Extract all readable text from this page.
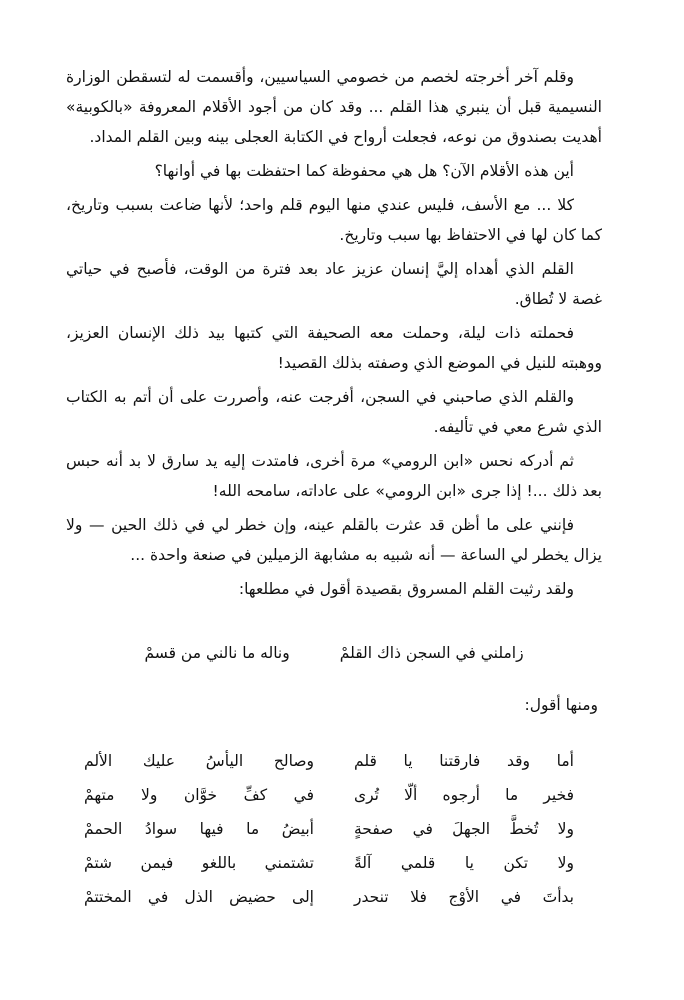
وقلم آخر أخرجته لخصم من خصومي السياسيين، وأقسمت له لتسقطن الوزارة النسيمية قبل أن ينبري هذا القلم ... وقد كان من أجود الأقلام المعروفة «بالكوبية» أهديت بصندوق من نوعه، فجعلت أرواح في الكتابة العجلى بينه وبين القلم المداد.

أين هذه الأقلام الآن؟ هل هي محفوظة كما احتفظت بها في أوانها؟

كلا ... مع الأسف، فليس عندي منها اليوم قلم واحد؛ لأنها ضاعت بسبب وتاريخ، كما كان لها في الاحتفاظ بها سبب وتاريخ.

القلم الذي أهداه إليَّ إنسان عزيز عاد بعد فترة من الوقت، فأصبح في حياتي غصة لا تُطاق.

فحملته ذات ليلة، وحملت معه الصحيفة التي كتبها بيد ذلك الإنسان العزيز، ووهبته للنيل في الموضع الذي وصفته بذلك القصيد!

والقلم الذي صاحبني في السجن، أفرجت عنه، وأصررت على أن أتم به الكتاب الذي شرع معي في تأليفه.

ثم أدركه نحس «ابن الرومي» مرة أخرى، فامتدت إليه يد سارق لا بد أنه حبس بعد ذلك ...! إذا جرى «ابن الرومي» على عاداته، سامحه الله!

فإنني على ما أظن قد عثرت بالقلم عينه، وإن خطر لي في ذلك الحين — ولا يزال يخطر لي الساعة — أنه شبيه به مشابهة الزميلين في صنعة واحدة ...

ولقد رثيت القلم المسروق بقصيدة أقول في مطلعها:

زاملني في السجن ذاك القلمْ
وناله ما نالني من قسمْ

ومنها أقول:

أما وقد فارقتنا يا قلم
وصالح اليأسُ عليك الألم
فخير ما أرجوه ألّا تُرى
في كفِّ خوَّان ولا متهمْ
ولا تُخطَّ الجهلَ في صفحةٍ
أبيضُ ما فيها سوادُ الحممْ
ولا تكن يا قلمي آلةً
تشتمني باللغو فيمن شتمْ
بدأتَ في الأوْج فلا تنحدر
إلى حضيض الذل في المختتمْ
